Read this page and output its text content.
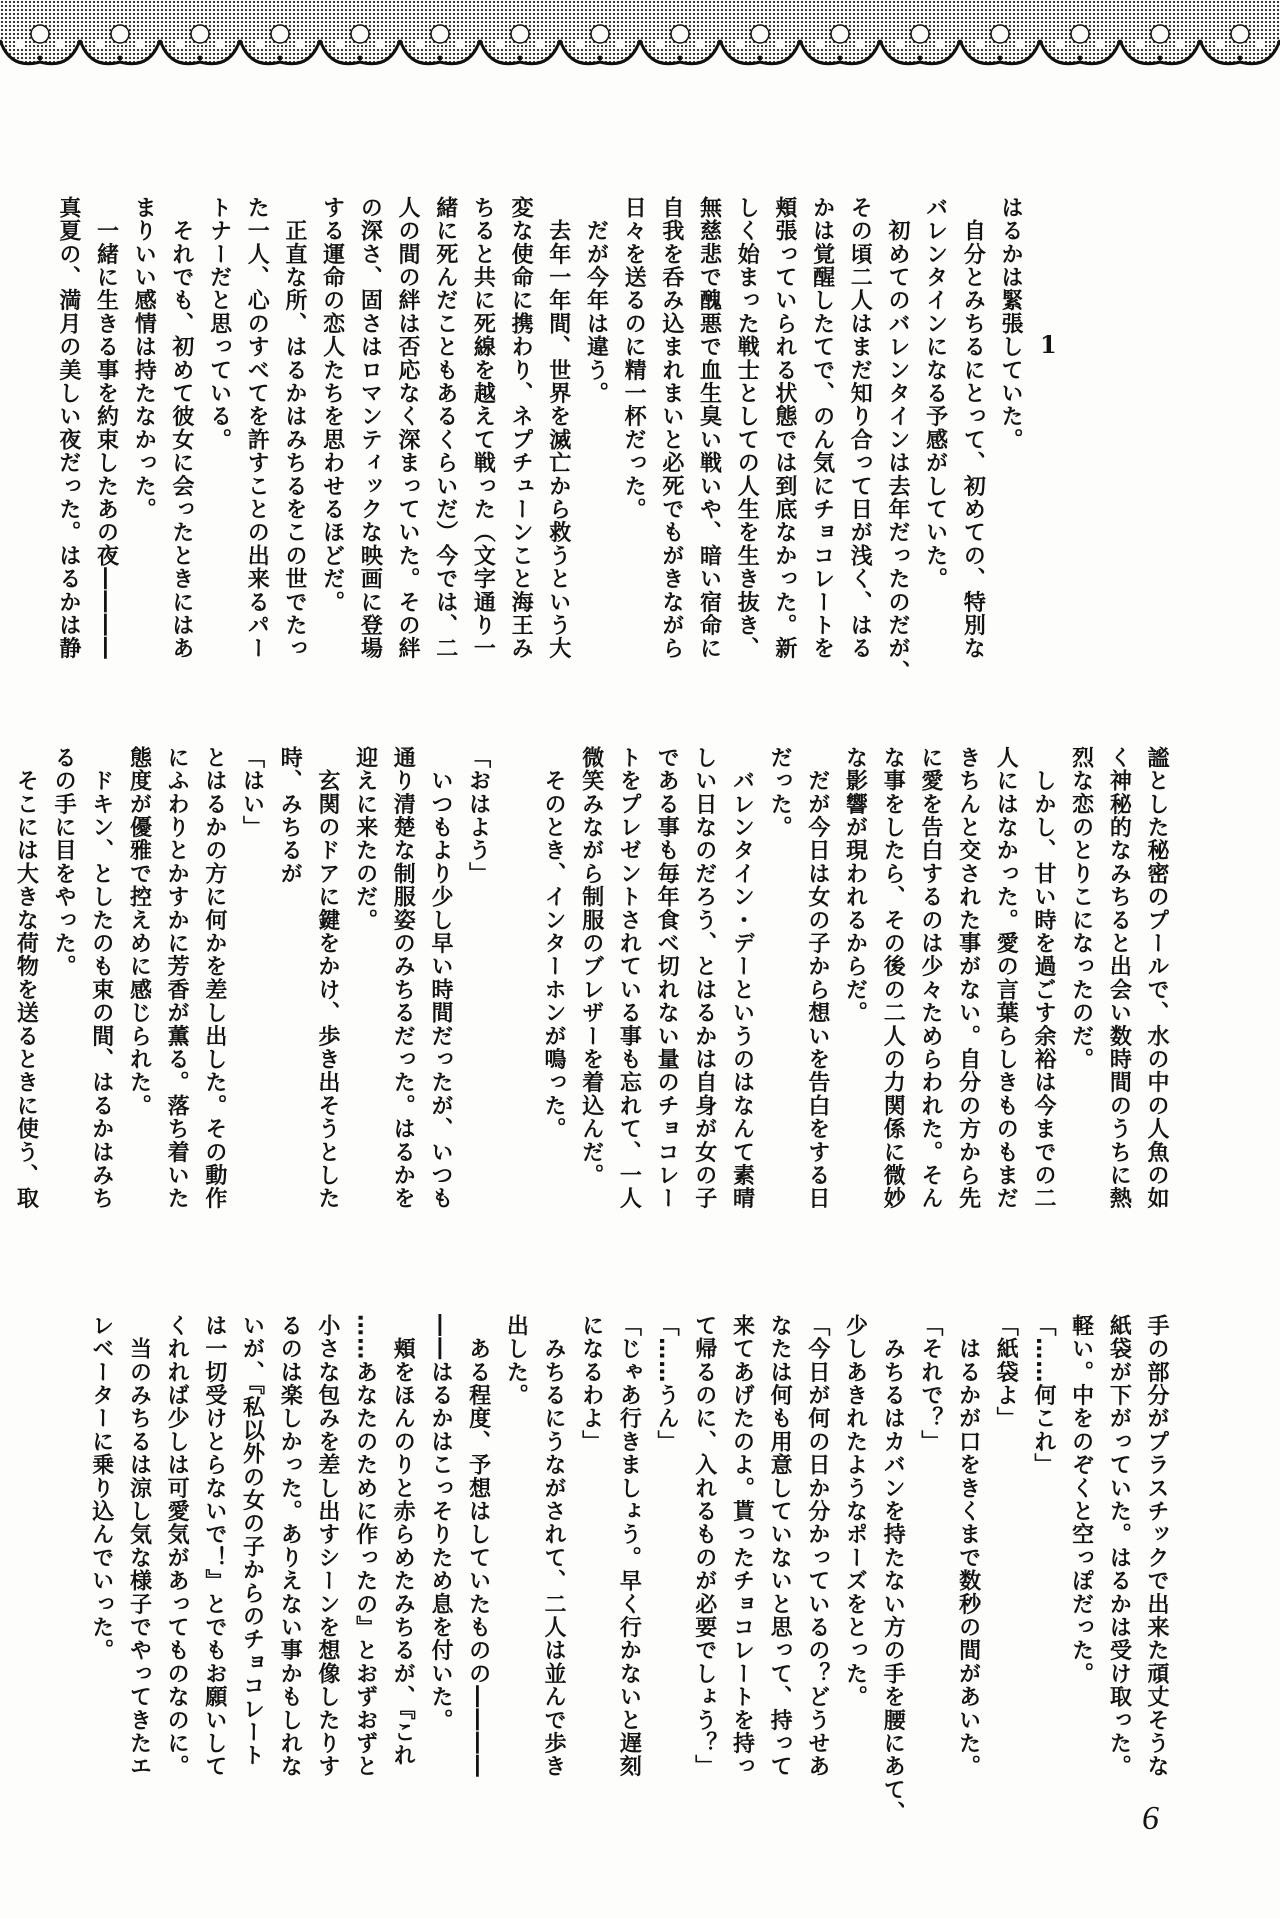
1
はるかは緊張していた。
　自分とみちるにとって、初めての、特別な
バレンタインになる予感がしていた。
　初めてのバレンタインは去年だったのだが、
その頃二人はまだ知り合って日が浅く、はる
かは覚醒したてで、のん気にチョコレートを
頬張っていられる状態では到底なかった。新
しく始まった戦士としての人生を生き抜き、
無慈悲で醜悪で血生臭い戦いや、暗い宿命に
自我を呑み込まれまいと必死でもがきながら
日々を送るのに精一杯だった。
　だが今年は違う。
　去年一年間、世界を滅亡から救うという大
変な使命に携わり、ネプチューンこと海王み
ちると共に死線を越えて戦った（文字通り一
緒に死んだこともあるくらいだ）今では、二
人の間の絆は否応なく深まっていた。その絆
の深さ、固さはロマンティックな映画に登場
する運命の恋人たちを思わせるほどだ。
　正直な所、はるかはみちるをこの世でたっ
た一人、心のすべてを許すことの出来るパー
トナーだと思っている。
　それでも、初めて彼女に会ったときにはあ
まりいい感情は持たなかった。
　一緒に生きる事を約束したあの夜――――
真夏の、満月の美しい夜だった。はるかは静
謐とした秘密のプールで、水の中の人魚の如
く神秘的なみちると出会い数時間のうちに熱
烈な恋のとりこになったのだ。
　しかし、甘い時を過ごす余裕は今までの二
人にはなかった。愛の言葉らしきものもまだ
きちんと交された事がない。自分の方から先
に愛を告白するのは少々ためらわれた。そん
な事をしたら、その後の二人の力関係に微妙
な影響が現われるからだ。
　だが今日は女の子から想いを告白をする日
だった。
　バレンタイン・デーというのはなんて素晴
しい日なのだろう、とはるかは自身が女の子
である事も毎年食べ切れない量のチョコレー
トをプレゼントされている事も忘れて、一人
微笑みながら制服のブレザーを着込んだ。
　そのとき、インターホンが鳴った。
「おはよう」
　いつもより少し早い時間だったが、いつも
通り清楚な制服姿のみちるだった。はるかを
迎えに来たのだ。
　玄関のドアに鍵をかけ、歩き出そうとした
時、みちるが
「はい」
とはるかの方に何かを差し出した。その動作
にふわりとかすかに芳香が薫る。落ち着いた
態度が優雅で控えめに感じられた。
　ドキン、としたのも束の間、はるかはみち
るの手に目をやった。
　そこには大きな荷物を送るときに使う、取
手の部分がプラスチックで出来た頑丈そうな
紙袋が下がっていた。はるかは受け取った。
軽い。中をのぞくと空っぽだった。
「……何これ」
「紙袋よ」
　はるかが口をきくまで数秒の間があいた。
「それで？」
　みちるはカバンを持たない方の手を腰にあて、
少しあきれたようなポーズをとった。
「今日が何の日か分かっているの？どうせあ
なたは何も用意していないと思って、持って
来てあげたのよ。貰ったチョコレートを持っ
て帰るのに、入れるものが必要でしょう？」
「……うん」
「じゃあ行きましょう。早く行かないと遅刻
になるわよ」
　みちるにうながされて、二人は並んで歩き
出した。
　ある程度、予想はしていたものの――――
――はるかはこっそりため息を付いた。
　頬をほんのりと赤らめたみちるが、『これ
……あなたのために作ったの』とおずおずと
小さな包みを差し出すシーンを想像したりす
るのは楽しかった。ありえない事かもしれな
いが、『私以外の女の子からのチョコレート
は一切受けとらないで！』とでもお願いして
くれれば少しは可愛気があってものなのに。
　当のみちるは涼し気な様子でやってきたエ
レベーターに乗り込んでいった。
6
